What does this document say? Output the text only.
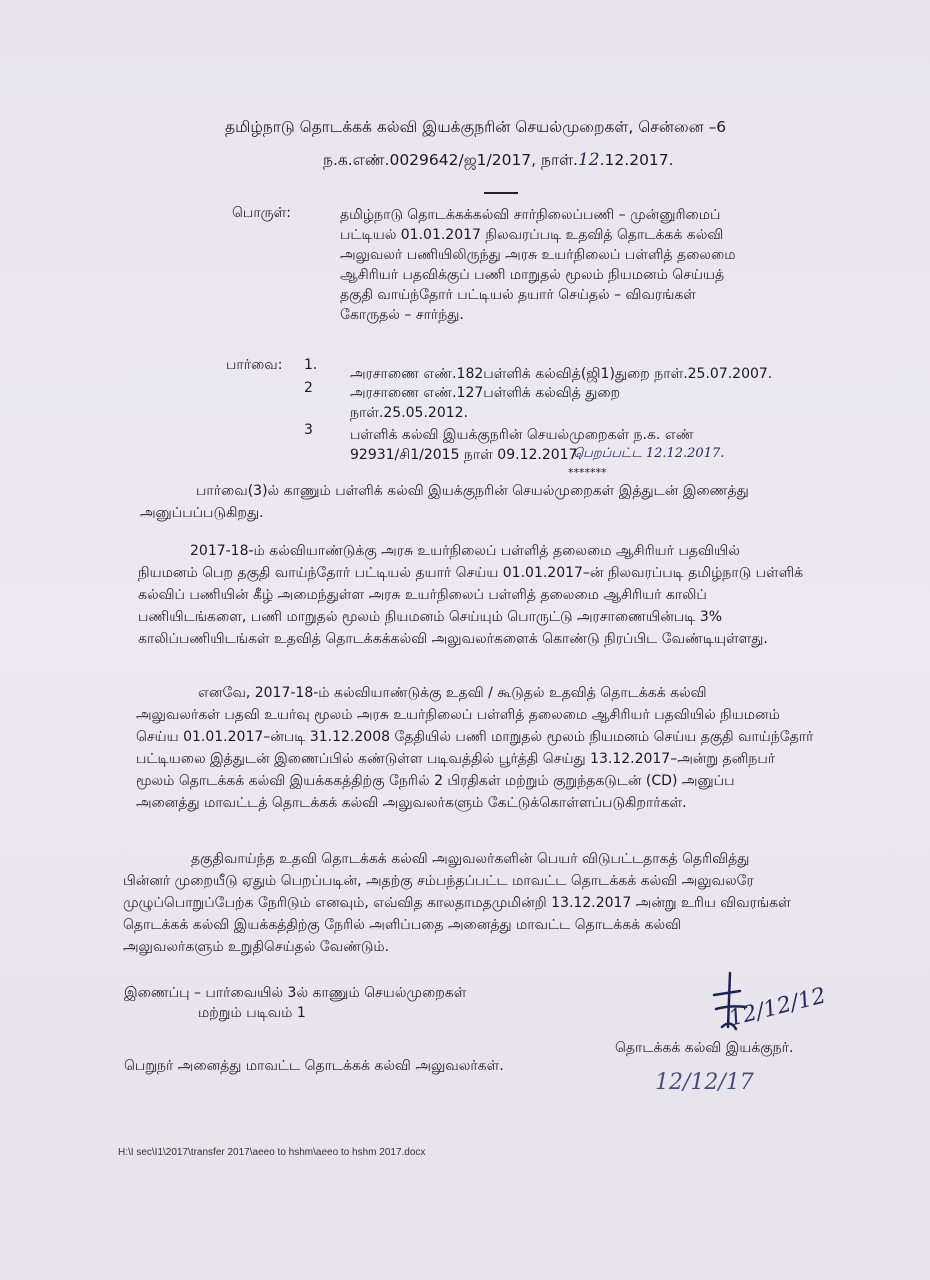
தமிழ்நாடு தொடக்கக் கல்வி இயக்குநரின் செயல்முறைகள், சென்னை –6
ந.க.எண்.0029642/ஜ1/2017, நாள்.12.12.2017.
பொருள்:	தமிழ்நாடு தொடக்கக்கல்வி சார்நிலைப்பணி – முன்னுரிமைப்
பட்டியல் 01.01.2017 நிலவரப்படி உதவித் தொடக்கக் கல்வி
அலுவலர் பணியிலிருந்து அரசு உயர்நிலைப் பள்ளித் தலைமை
ஆசிரியர் பதவிக்குப் பணி மாறுதல் மூலம் நியமனம் செய்யத்
தகுதி வாய்ந்தோர் பட்டியல் தயார் செய்தல் – விவரங்கள்
கோருதல் – சார்ந்து.
பார்வை: 1.
அரசாணை எண்.182பள்ளிக் கல்வித்(ஜி1)துறை நாள்.25.07.2007.
2	அரசாணை எண்.127பள்ளிக் கல்வித் துறை
நாள்.25.05.2012.
3	பள்ளிக் கல்வி இயக்குநரின் செயல்முறைகள் ந.க. எண்
92931/சி1/2015 நாள் 09.12.2017.
பெறப்பட்ட 12.12.2017.
*******
பார்வை(3)ல் காணும் பள்ளிக் கல்வி இயக்குநரின் செயல்முறைகள் இத்துடன் இணைத்து
அனுப்பப்படுகிறது.
2017-18-ம் கல்வியாண்டுக்கு அரசு உயர்நிலைப் பள்ளித் தலைமை ஆசிரியர் பதவியில்
நியமனம் பெற தகுதி வாய்ந்தோர் பட்டியல் தயார் செய்ய 01.01.2017–ன் நிலவரப்படி தமிழ்நாடு பள்ளிக்
கல்விப் பணியின் கீழ் அமைந்துள்ள அரசு உயர்நிலைப் பள்ளித் தலைமை ஆசிரியர் காலிப்
பணியிடங்களை, பணி மாறுதல் மூலம் நியமனம் செய்யும் பொருட்டு அரசாணையின்படி 3%
காலிப்பணியிடங்கள் உதவித் தொடக்கக்கல்வி அலுவலர்களைக் கொண்டு நிரப்பிட வேண்டியுள்ளது.
எனவே, 2017-18-ம் கல்வியாண்டுக்கு உதவி / கூடுதல் உதவித் தொடக்கக் கல்வி
அலுவலர்கள் பதவி உயர்வு மூலம் அரசு உயர்நிலைப் பள்ளித் தலைமை ஆசிரியர் பதவியில் நியமனம்
செய்ய 01.01.2017–ன்படி 31.12.2008 தேதியில் பணி மாறுதல் மூலம் நியமனம் செய்ய தகுதி வாய்ந்தோர்
பட்டியலை இத்துடன் இணைப்பில் கண்டுள்ள படிவத்தில் பூர்த்தி செய்து 13.12.2017–அன்று தனிநபர்
மூலம் தொடக்கக் கல்வி இயக்ககத்திற்கு நேரில் 2 பிரதிகள் மற்றும் குறுந்தகடுடன் (CD) அனுப்ப
அனைத்து மாவட்டத் தொடக்கக் கல்வி அலுவலர்களும் கேட்டுக்கொள்ளப்படுகிறார்கள்.
தகுதிவாய்ந்த உதவி தொடக்கக் கல்வி அலுவலர்களின் பெயர் விடுபட்டதாகத் தெரிவித்து
பின்னர் முறையீடு ஏதும் பெறப்படின், அதற்கு சம்பந்தப்பட்ட மாவட்ட தொடக்கக் கல்வி அலுவலரே
முழுப்பொறுப்பேற்க நேரிடும் எனவும், எவ்வித காலதாமதமுமின்றி 13.12.2017 அன்று உரிய விவரங்கள்
தொடக்கக் கல்வி இயக்கத்திற்கு நேரில் அளிப்பதை அனைத்து மாவட்ட தொடக்கக் கல்வி
அலுவலர்களும் உறுதிசெய்தல் வேண்டும்.
இணைப்பு – பார்வையில் 3ல் காணும் செயல்முறைகள்
மற்றும் படிவம் 1	12/12/12
தொடக்கக் கல்வி இயக்குநர்.
12/12/17
பெறுநர் அனைத்து மாவட்ட தொடக்கக் கல்வி அலுவலர்கள்.
H:\I sec\I1\2017\transfer 2017\aeeo to hshm\aeeo to hshm 2017.docx
